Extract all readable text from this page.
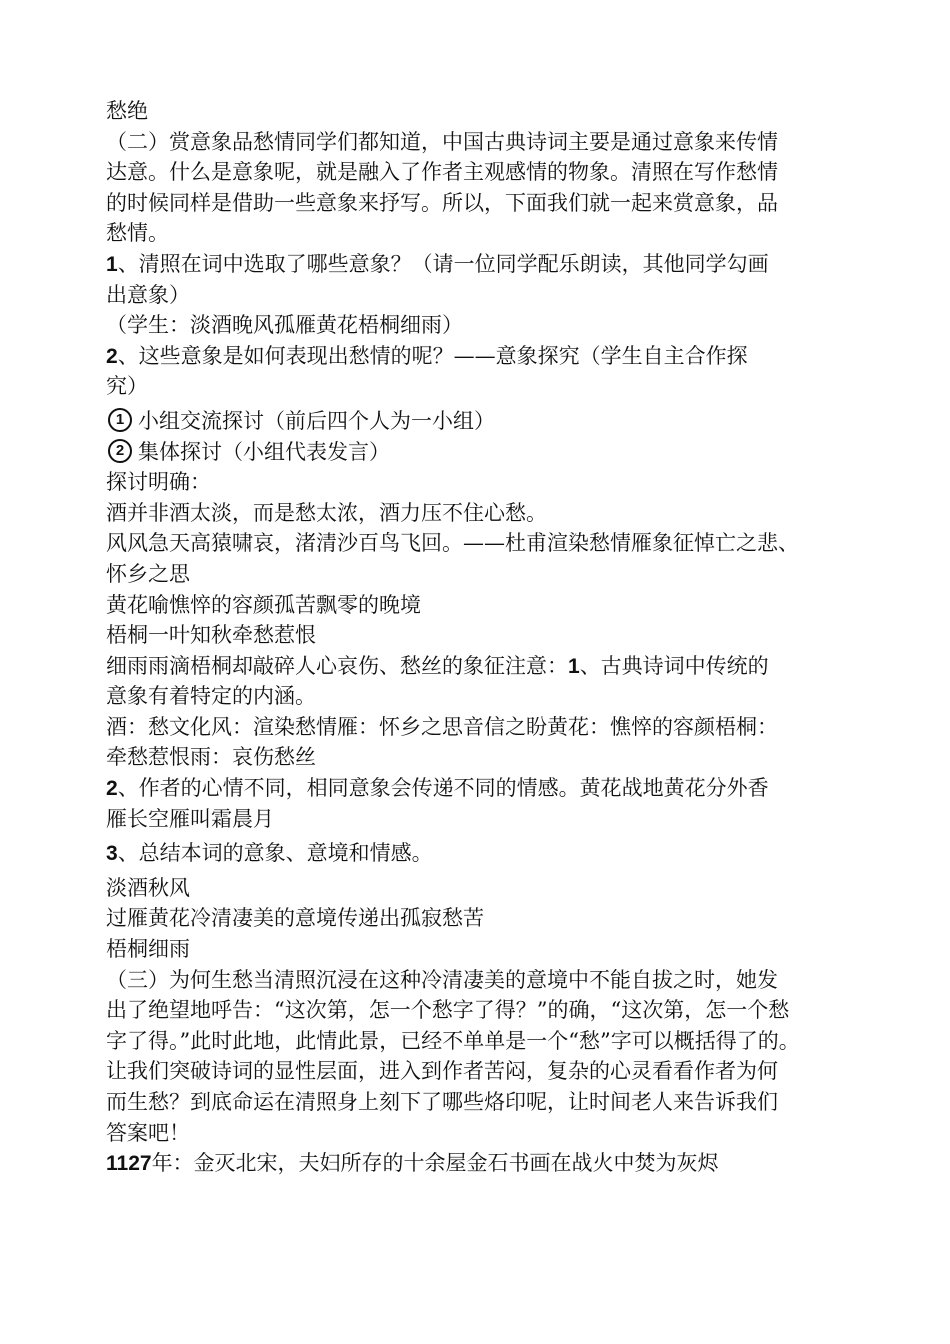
愁绝
（二）赏意象品愁情同学们都知道，中国古典诗词主要是通过意象来传情
达意。什么是意象呢，就是融入了作者主观感情的物象。清照在写作愁情
的时候同样是借助一些意象来抒写。所以，下面我们就一起来赏意象，品
愁情。
1、清照在词中选取了哪些意象？（请一位同学配乐朗读，其他同学勾画
出意象）
（学生：淡酒晚风孤雁黄花梧桐细雨）
2、这些意象是如何表现出愁情的呢？——意象探究（学生自主合作探
究）
1 小组交流探讨（前后四个人为一小组）
2 集体探讨（小组代表发言）
探讨明确：
酒并非酒太淡，而是愁太浓，酒力压不住心愁。
风风急天高猿啸哀，渚清沙百鸟飞回。——杜甫渲染愁情雁象征悼亡之悲、
怀乡之思
黄花喻憔悴的容颜孤苦飘零的晚境
梧桐一叶知秋牵愁惹恨
细雨雨滴梧桐却敲碎人心哀伤、愁丝的象征注意：1、古典诗词中传统的
意象有着特定的内涵。
酒：愁文化风：渲染愁情雁：怀乡之思音信之盼黄花：憔悴的容颜梧桐：
牵愁惹恨雨：哀伤愁丝
2、作者的心情不同，相同意象会传递不同的情感。黄花战地黄花分外香
雁长空雁叫霜晨月
3、总结本词的意象、意境和情感。
淡酒秋风
过雁黄花冷清凄美的意境传递出孤寂愁苦
梧桐细雨
（三）为何生愁当清照沉浸在这种冷清凄美的意境中不能自拔之时，她发
出了绝望地呼告：“这次第，怎一个愁字了得？”的确，“这次第，怎一个愁
字了得。”此时此地，此情此景，已经不单单是一个“愁”字可以概括得了的。
让我们突破诗词的显性层面，进入到作者苦闷，复杂的心灵看看作者为何
而生愁？到底命运在清照身上刻下了哪些烙印呢，让时间老人来告诉我们
答案吧！
1127年：金灭北宋，夫妇所存的十余屋金石书画在战火中焚为灰烬
